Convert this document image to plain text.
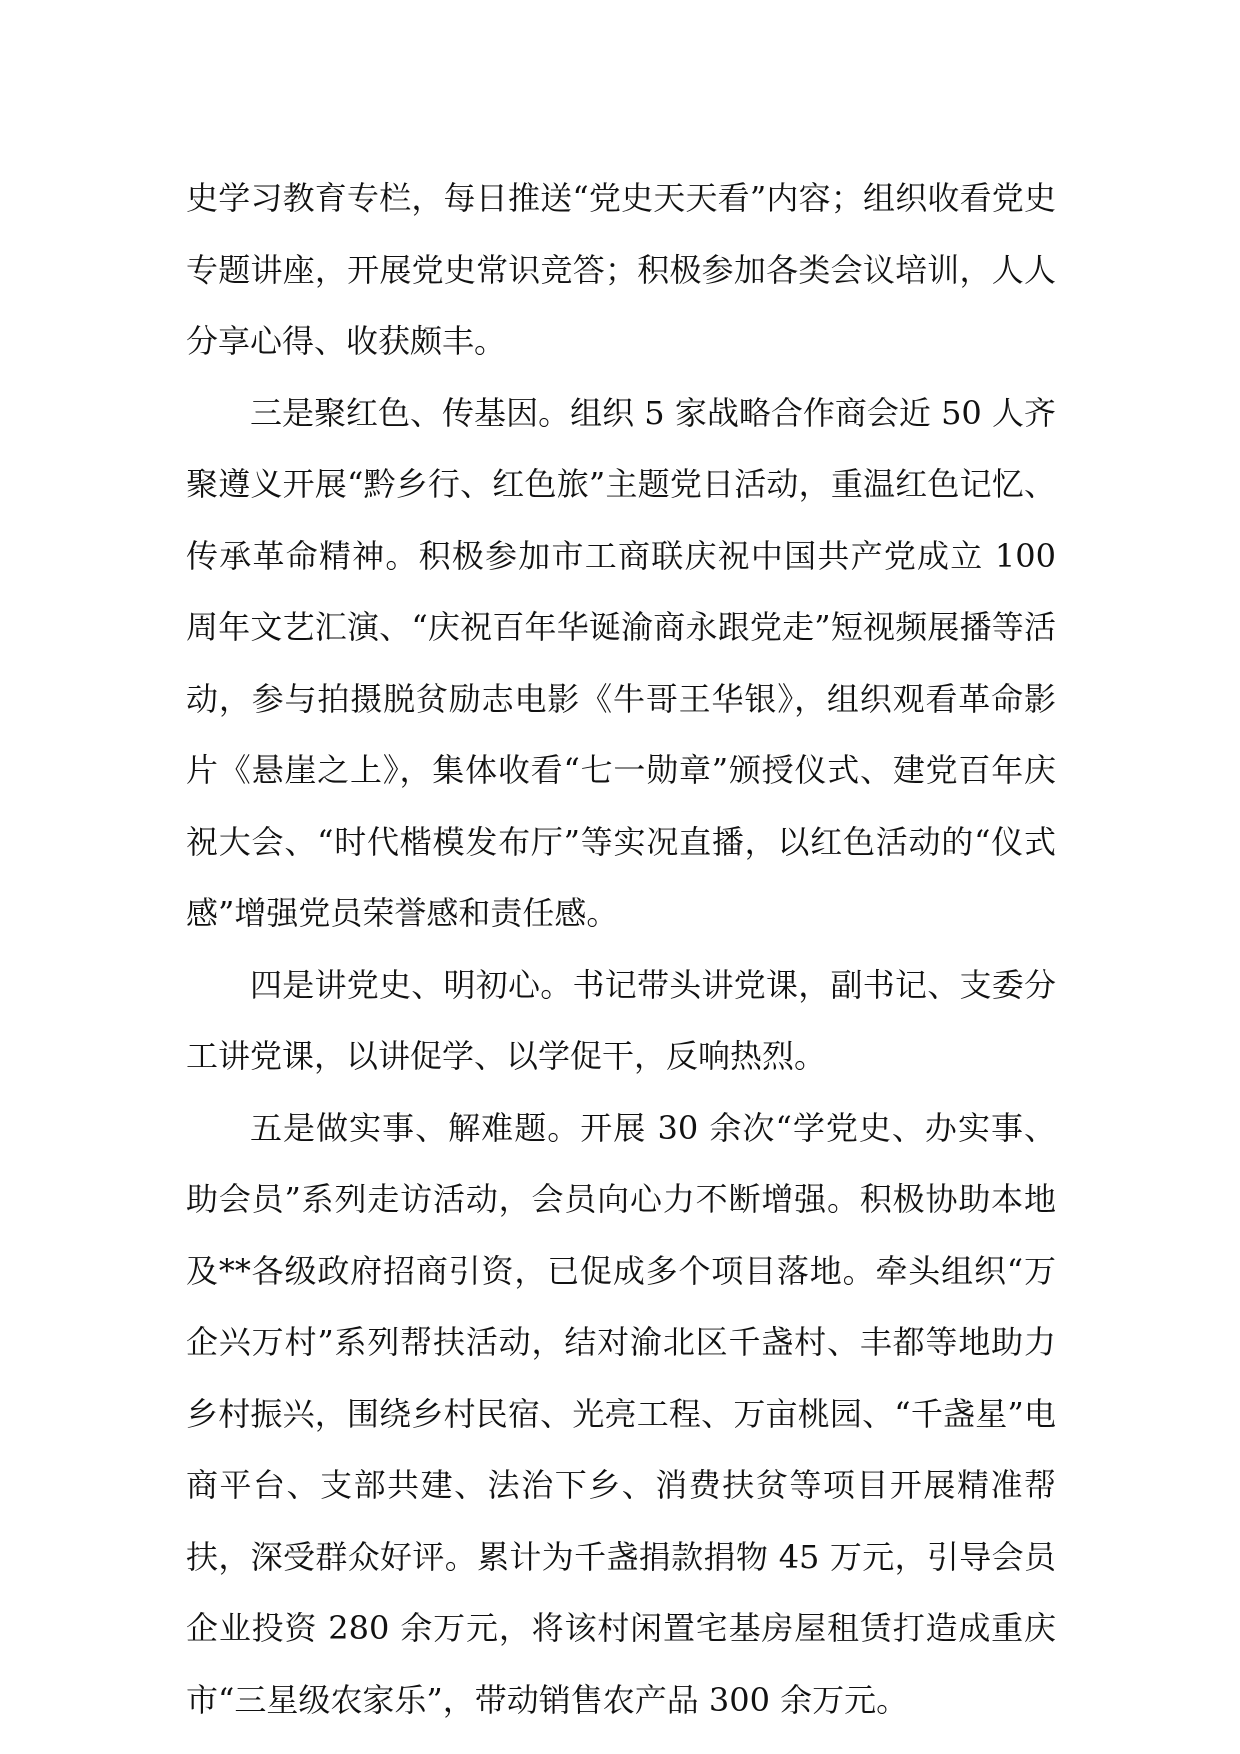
史学习教育专栏，每日推送“党史天天看”内容；组织收看党史专题讲座，开展党史常识竞答；积极参加各类会议培训，人人分享心得、收获颇丰。

三是聚红色、传基因。组织 5 家战略合作商会近 50 人齐聚遵义开展“黔乡行、红色旅”主题党日活动，重温红色记忆、传承革命精神。积极参加市工商联庆祝中国共产党成立 100 周年文艺汇演、“庆祝百年华诞渝商永跟党走”短视频展播等活动，参与拍摄脱贫励志电影《牛哥王华银》，组织观看革命影片《悬崖之上》，集体收看“七一勋章”颁授仪式、建党百年庆祝大会、“时代楷模发布厅”等实况直播，以红色活动的“仪式感”增强党员荣誉感和责任感。

四是讲党史、明初心。书记带头讲党课，副书记、支委分工讲党课，以讲促学、以学促干，反响热烈。

五是做实事、解难题。开展 30 余次“学党史、办实事、助会员”系列走访活动，会员向心力不断增强。积极协助本地及**各级政府招商引资，已促成多个项目落地。牵头组织“万企兴万村”系列帮扶活动，结对渝北区千盏村、丰都等地助力乡村振兴，围绕乡村民宿、光亮工程、万亩桃园、“千盏星”电商平台、支部共建、法治下乡、消费扶贫等项目开展精准帮扶，深受群众好评。累计为千盏捐款捐物 45 万元，引导会员企业投资 280 余万元，将该村闲置宅基房屋租赁打造成重庆市“三星级农家乐”，带动销售农产品 300 余万元。
